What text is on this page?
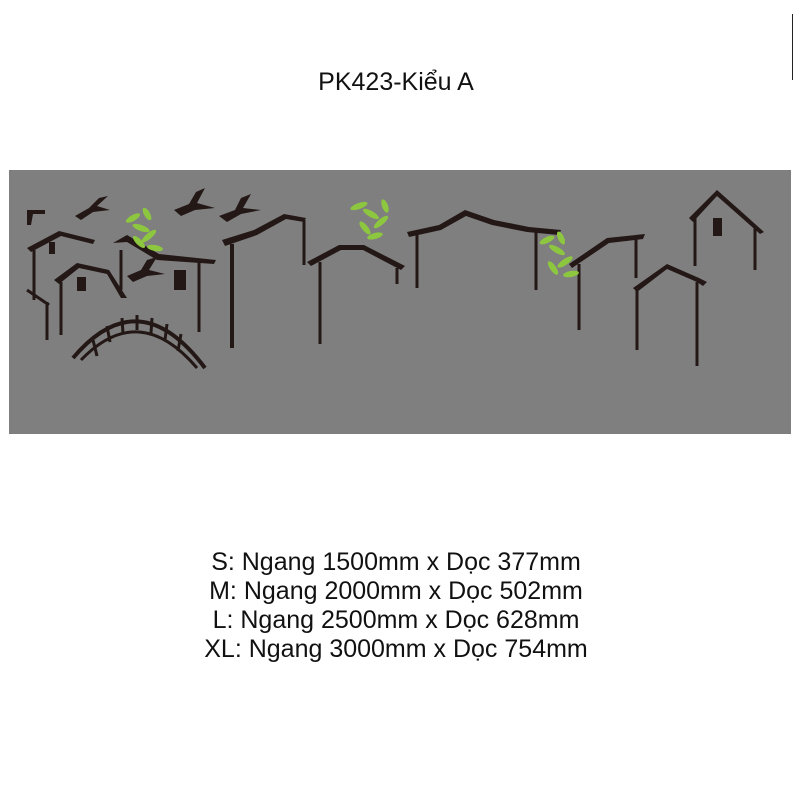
PK423-Kiểu A
S: Ngang 1500mm x Dọc 377mm
M: Ngang 2000mm x Dọc 502mm
L: Ngang 2500mm x Dọc 628mm
XL: Ngang 3000mm x Dọc 754mm
